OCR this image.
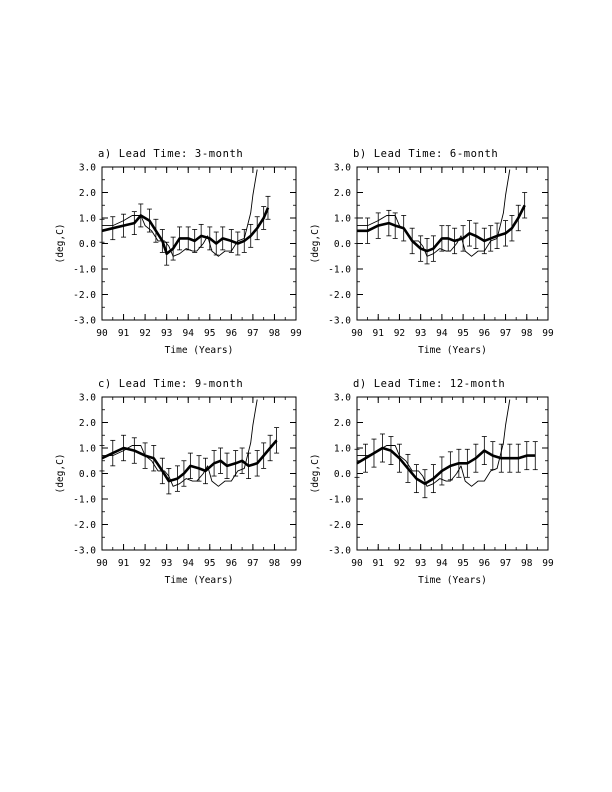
a) Lead Time: 3-month
-3.0
-2.0
-1.0
0.0
1.0
2.0
3.0
90 91 92 93 94 95 96 97 98 99
Time (Years)
(deg,C)
b) Lead Time: 6-month
-3.0
-2.0
-1.0
0.0
1.0
2.0
3.0
90 91 92 93 94 95 96 97 98 99
Time (Years)
(deg,C)
c) Lead Time: 9-month
-3.0
-2.0
-1.0
0.0
1.0
2.0
3.0
90 91 92 93 94 95 96 97 98 99
Time (Years)
(deg,C)
d) Lead Time: 12-month
-3.0
-2.0
-1.0
0.0
1.0
2.0
3.0
90 91 92 93 94 95 96 97 98 99
Time (Years)
(deg,C)
